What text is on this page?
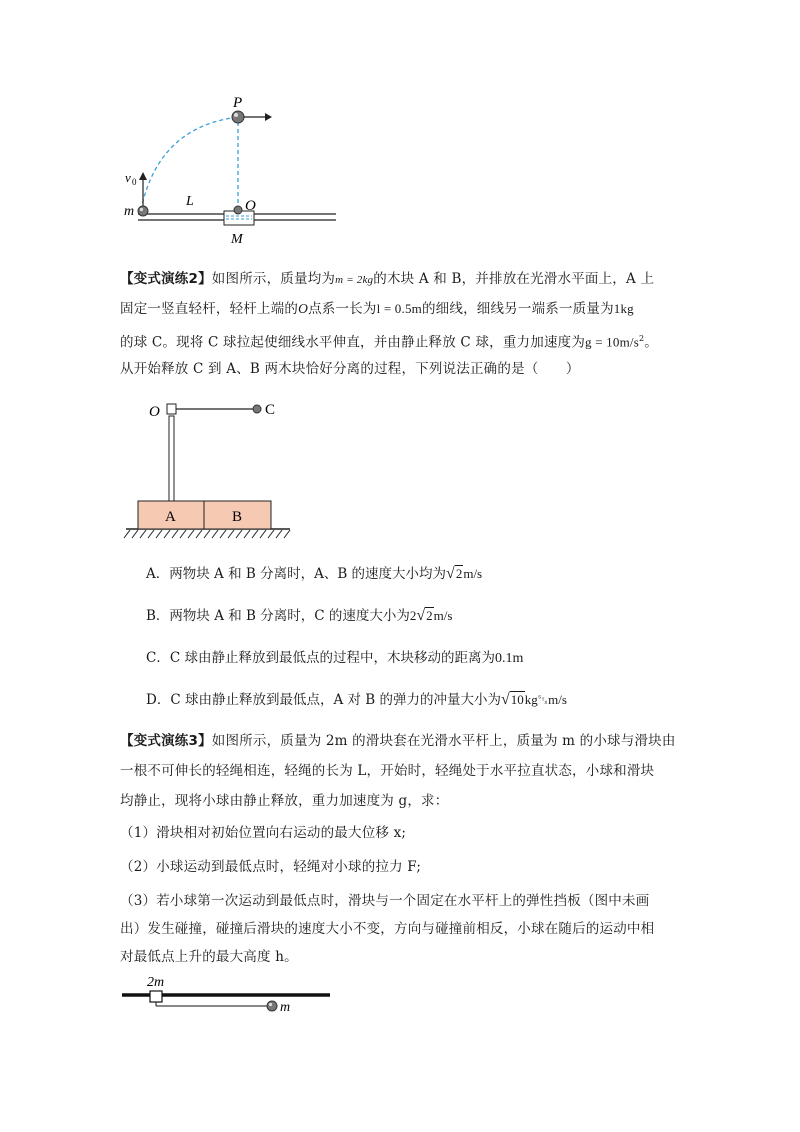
P
v 0
m
L	O
M
【变式演练2】如图所示，质量均为m = 2kg的木块 A 和 B，并排放在光滑水平面上，A 上
固定一竖直轻杆，轻杆上端的O点系一长为l = 0.5m的细线，细线另一端系一质量为1kg
的球 C。现将 C 球拉起使细线水平伸直，并由静止释放 C 球，重力加速度为$g = 10m/s^2$。
从开始释放 C 到 A、B 两木块恰好分离的过程，下列说法正确的是（　　）
O	C
A	B
A．两物块 A 和 B 分离时，A、B 的速度大小均为√2m/s
B．两物块 A 和 B 分离时，C 的速度大小为2√2m/s
C．C 球由静止释放到最低点的过程中，木块移动的距离为0.1m
D．C 球由静止释放到最低点，A 对 B 的弹力的冲量大小为√10kg␂m/s
【变式演练3】如图所示，质量为 2m 的滑块套在光滑水平杆上，质量为 m 的小球与滑块由
一根不可伸长的轻绳相连，轻绳的长为 L，开始时，轻绳处于水平拉直状态，小球和滑块
均静止，现将小球由静止释放，重力加速度为 g，求：
（1）滑块相对初始位置向右运动的最大位移 x;
（2）小球运动到最低点时，轻绳对小球的拉力 F;
（3）若小球第一次运动到最低点时，滑块与一个固定在水平杆上的弹性挡板（图中未画
出）发生碰撞，碰撞后滑块的速度大小不变，方向与碰撞前相反，小球在随后的运动中相
对最低点上升的最大高度 h。
2m
m
